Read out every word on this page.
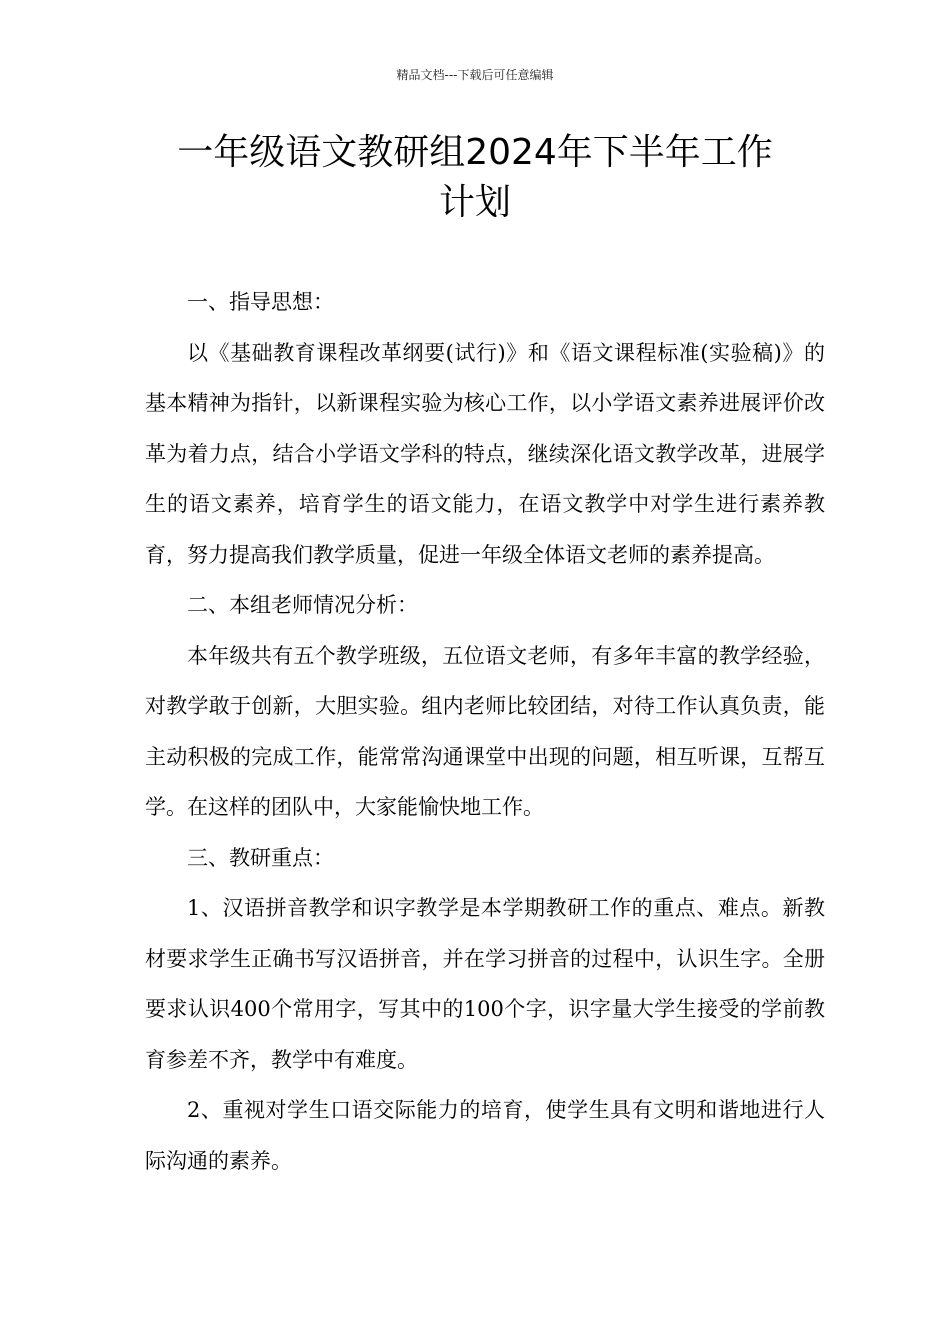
精品文档---下载后可任意编辑
一年级语文教研组2024年下半年工作
计划

一、指导思想：

以《基础教育课程改革纲要(试行)》和《语文课程标准(实验稿)》的基本精神为指针，以新课程实验为核心工作，以小学语文素养进展评价改革为着力点，结合小学语文学科的特点，继续深化语文教学改革，进展学生的语文素养，培育学生的语文能力，在语文教学中对学生进行素养教育，努力提高我们教学质量，促进一年级全体语文老师的素养提高。

二、本组老师情况分析：

本年级共有五个教学班级，五位语文老师，有多年丰富的教学经验，对教学敢于创新，大胆实验。组内老师比较团结，对待工作认真负责，能主动积极的完成工作，能常常沟通课堂中出现的问题，相互听课，互帮互学。在这样的团队中，大家能愉快地工作。

三、教研重点：

1、汉语拼音教学和识字教学是本学期教研工作的重点、难点。新教材要求学生正确书写汉语拼音，并在学习拼音的过程中，认识生字。全册要求认识400个常用字，写其中的100个字，识字量大学生接受的学前教育参差不齐，教学中有难度。

2、重视对学生口语交际能力的培育，使学生具有文明和谐地进行人际沟通的素养。
